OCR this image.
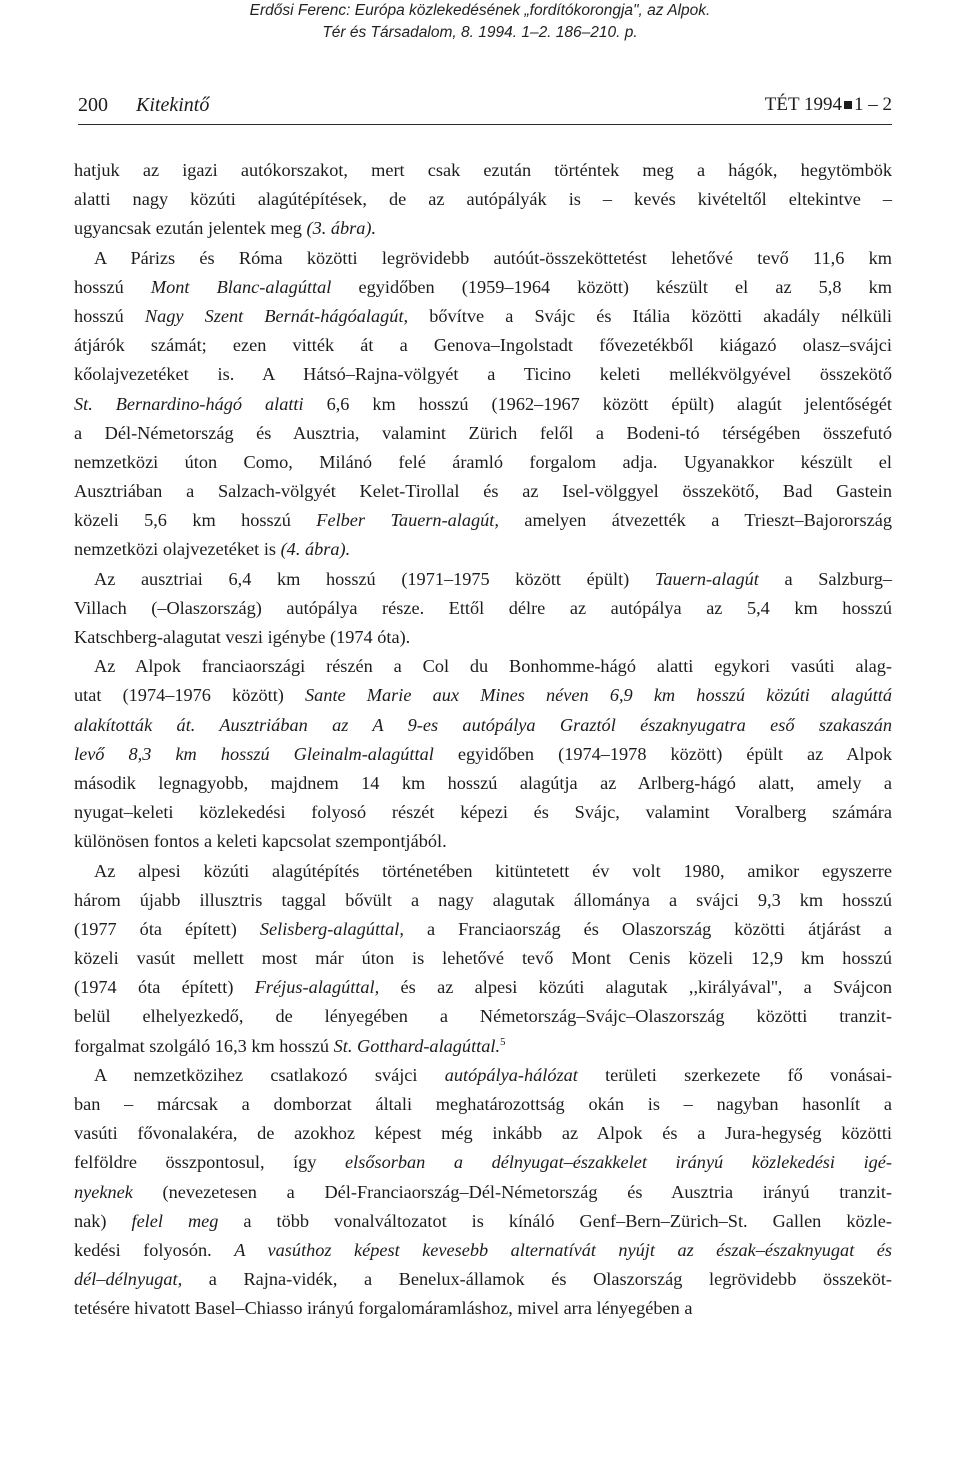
Erdősi Ferenc: Európa közlekedésének „fordítókorongja", az Alpok.
Tér és Társadalom, 8. 1994. 1–2. 186–210. p.
200 Kitekintő	TÉT 1994 1 – 2
hatjuk az igazi autókorszakot, mert csak ezután történtek meg a hágók, hegytömbök
alatti nagy közúti alagútépítések, de az autópályák is – kevés kivételtől eltekintve –
ugyancsak ezután jelentek meg (3. ábra).
A Párizs és Róma közötti legrövidebb autóút-összeköttetést lehetővé tevő 11,6 km
hosszú Mont Blanc-alagúttal egyidőben (1959–1964 között) készült el az 5,8 km
hosszú Nagy Szent Bernát-hágóalagút, bővítve a Svájc és Itália közötti akadály nélküli
átjárók számát; ezen vitték át a Genova–Ingolstadt fővezetékből kiágazó olasz–svájci
kőolajvezetéket is. A Hátsó–Rajna-völgyét a Ticino keleti mellékvölgyével összekötő
St. Bernardino-hágó alatti 6,6 km hosszú (1962–1967 között épült) alagút jelentőségét
a Dél-Németország és Ausztria, valamint Zürich felől a Bodeni-tó térségében összefutó
nemzetközi úton Como, Milánó felé áramló forgalom adja. Ugyanakkor készült el
Ausztriában a Salzach-völgyét Kelet-Tirollal és az Isel-völggyel összekötő, Bad Gastein
közeli 5,6 km hosszú Felber Tauern-alagút, amelyen átvezették a Trieszt–Bajorország
nemzetközi olajvezetéket is (4. ábra).
Az ausztriai 6,4 km hosszú (1971–1975 között épült) Tauern-alagút a Salzburg–
Villach (–Olaszország) autópálya része. Ettől délre az autópálya az 5,4 km hosszú
Katschberg-alagutat veszi igénybe (1974 óta).
Az Alpok franciaországi részén a Col du Bonhomme-hágó alatti egykori vasúti alag-
utat (1974–1976 között) Sante Marie aux Mines néven 6,9 km hosszú közúti alagúttá
alakították át. Ausztriában az A 9-es autópálya Graztól északnyugatra eső szakaszán
levő 8,3 km hosszú Gleinalm-alagúttal egyidőben (1974–1978 között) épült az Alpok
második legnagyobb, majdnem 14 km hosszú alagútja az Arlberg-hágó alatt, amely a
nyugat–keleti közlekedési folyosó részét képezi és Svájc, valamint Voralberg számára
különösen fontos a keleti kapcsolat szempontjából.
Az alpesi közúti alagútépítés történetében kitüntetett év volt 1980, amikor egyszerre
három újabb illusztris taggal bővült a nagy alagutak állománya a svájci 9,3 km hosszú
(1977 óta épített) Selisberg-alagúttal, a Franciaország és Olaszország közötti átjárást a
közeli vasút mellett most már úton is lehetővé tevő Mont Cenis közeli 12,9 km hosszú
(1974 óta épített) Fréjus-alagúttal, és az alpesi közúti alagutak ,,királyával'', a Svájcon
belül elhelyezkedő, de lényegében a Németország–Svájc–Olaszország közötti tranzit-
forgalmat szolgáló 16,3 km hosszú St. Gotthard-alagúttal.$^5$
A nemzetközihez csatlakozó svájci autópálya-hálózat területi szerkezete fő vonásai-
ban – márcsak a domborzat általi meghatározottság okán is – nagyban hasonlít a
vasúti fővonalakéra, de azokhoz képest még inkább az Alpok és a Jura-hegység közötti
felföldre összpontosul, így elsősorban a délnyugat–északkelet irányú közlekedési igé-
nyeknek (nevezetesen a Dél-Franciaország–Dél-Németország és Ausztria irányú tranzit-
nak) felel meg a több vonalváltozatot is kínáló Genf–Bern–Zürich–St. Gallen közle-
kedési folyosón. A vasúthoz képest kevesebb alternatívát nyújt az észak–északnyugat és
dél–délnyugat, a Rajna-vidék, a Benelux-államok és Olaszország legrövidebb összeköt-
tetésére hivatott Basel–Chiasso irányú forgalomáramláshoz, mivel arra lényegében a
